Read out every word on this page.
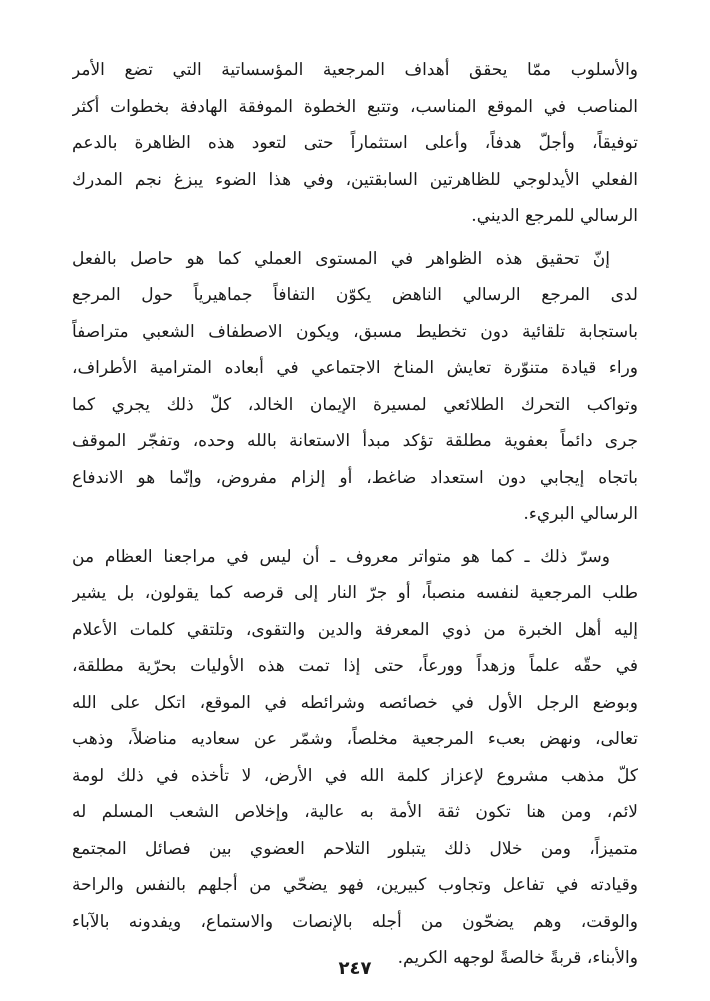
والأسلوب ممّا يحقق أهداف المرجعية المؤسساتية التي تضع الأمر
المناصب في الموقع المناسب، وتتبع الخطوة الموفقة الهادفة بخطوات أكثر
توفيقاً، وأجلّ هدفاً، وأعلى استثماراً حتى لتعود هذه الظاهرة بالدعم
الفعلي الأيدلوجي للظاهرتين السابقتين، وفي هذا الضوء يبزغ نجم المدرك
الرسالي للمرجع الديني.
إنّ تحقيق هذه الظواهر في المستوى العملي كما هو حاصل بالفعل
لدى المرجع الرسالي الناهض يكوّن التفافاً جماهيرياً حول المرجع
باستجابة تلقائية دون تخطيط مسبق، ويكون الاصطفاف الشعبي متراصفاً
وراء قيادة متنوّرة تعايش المناخ الاجتماعي في أبعاده المترامية الأطراف،
وتواكب التحرك الطلائعي لمسيرة الإيمان الخالد، كلّ ذلك يجري كما
جرى دائماً بعفوية مطلقة تؤكد مبدأ الاستعانة بالله وحده، وتفجّر الموقف
باتجاه إيجابي دون استعداد ضاغط، أو إلزام مفروض، وإنّما هو الاندفاع
الرسالي البريء.
وسرّ ذلك ـ كما هو متواتر معروف ـ أن ليس في مراجعنا العظام من
طلب المرجعية لنفسه منصباً، أو جرّ النار إلى قرصه كما يقولون، بل يشير
إليه أهل الخبرة من ذوي المعرفة والدين والتقوى، وتلتقي كلمات الأعلام
في حقّه علماً وزهداً وورعاً، حتى إذا تمت هذه الأوليات بحرّية مطلقة،
وبوضع الرجل الأول في خصائصه وشرائطه في الموقع، اتكل على الله
تعالى، ونهض بعبء المرجعية مخلصاً، وشمّر عن سعاديه مناضلاً، وذهب
كلّ مذهب مشروع لإعزاز كلمة الله في الأرض، لا تأخذه في ذلك لومة
لائم، ومن هنا تكون ثقة الأمة به عالية، وإخلاص الشعب المسلم له
متميزاً، ومن خلال ذلك يتبلور التلاحم العضوي بين فصائل المجتمع
وقيادته في تفاعل وتجاوب كبيرين، فهو يضحّي من أجلهم بالنفس والراحة
والوقت، وهم يضحّون من أجله بالإنصات والاستماع، ويفدونه بالآباء
والأبناء، قربةً خالصةً لوجهه الكريم.
٢٤٧
